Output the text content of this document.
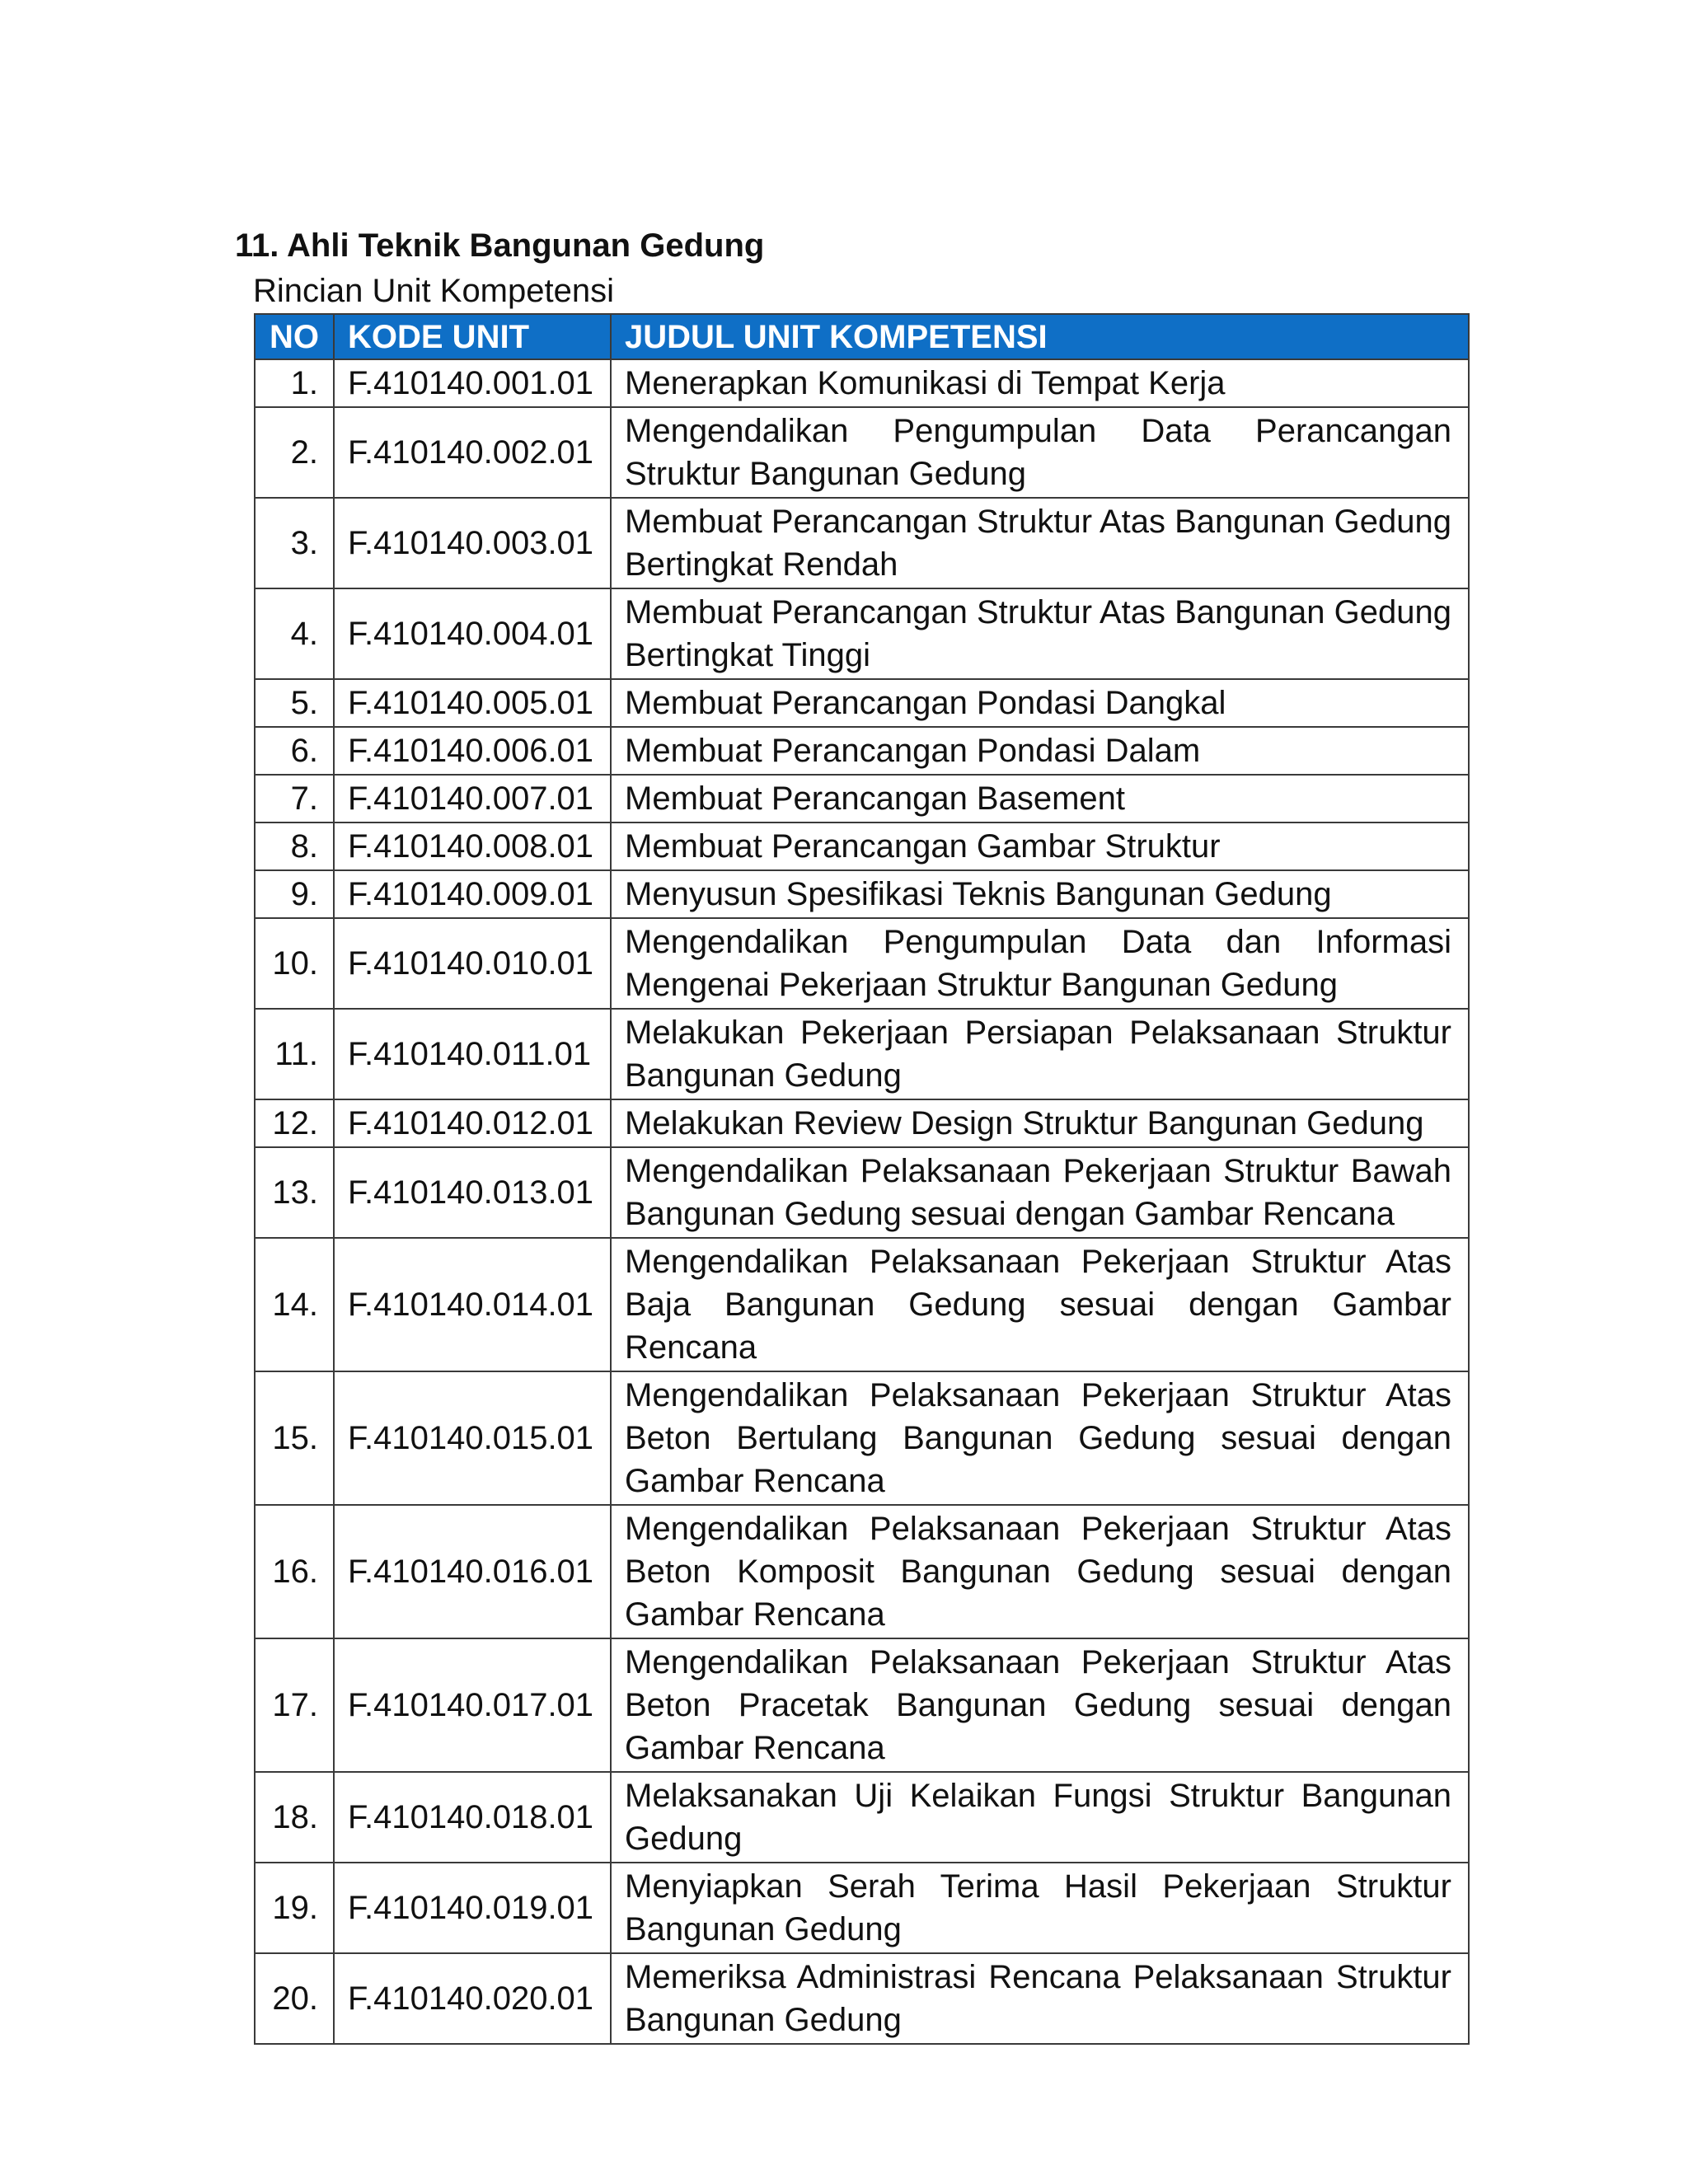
11. Ahli Teknik Bangunan Gedung
Rincian Unit Kompetensi
NO	KODE UNIT	JUDUL UNIT KOMPETENSI
1.	F.410140.001.01	Menerapkan Komunikasi di Tempat Kerja
2.	F.410140.002.01	Mengendalikan Pengumpulan Data Perancangan Struktur Bangunan Gedung
3.	F.410140.003.01	Membuat Perancangan Struktur Atas Bangunan Gedung Bertingkat Rendah
4.	F.410140.004.01	Membuat Perancangan Struktur Atas Bangunan Gedung Bertingkat Tinggi
5.	F.410140.005.01	Membuat Perancangan Pondasi Dangkal
6.	F.410140.006.01	Membuat Perancangan Pondasi Dalam
7.	F.410140.007.01	Membuat Perancangan Basement
8.	F.410140.008.01	Membuat Perancangan Gambar Struktur
9.	F.410140.009.01	Menyusun Spesifikasi Teknis Bangunan Gedung
10.	F.410140.010.01	Mengendalikan Pengumpulan Data dan Informasi Mengenai Pekerjaan Struktur Bangunan Gedung
11.	F.410140.011.01	Melakukan Pekerjaan Persiapan Pelaksanaan Struktur Bangunan Gedung
12.	F.410140.012.01	Melakukan Review Design Struktur Bangunan Gedung
13.	F.410140.013.01	Mengendalikan Pelaksanaan Pekerjaan Struktur Bawah Bangunan Gedung sesuai dengan Gambar Rencana
14.	F.410140.014.01	Mengendalikan Pelaksanaan Pekerjaan Struktur Atas Baja Bangunan Gedung sesuai dengan Gambar Rencana
15.	F.410140.015.01	Mengendalikan Pelaksanaan Pekerjaan Struktur Atas Beton Bertulang Bangunan Gedung sesuai dengan Gambar Rencana
16.	F.410140.016.01	Mengendalikan Pelaksanaan Pekerjaan Struktur Atas Beton Komposit Bangunan Gedung sesuai dengan Gambar Rencana
17.	F.410140.017.01	Mengendalikan Pelaksanaan Pekerjaan Struktur Atas Beton Pracetak Bangunan Gedung sesuai dengan Gambar Rencana
18.	F.410140.018.01	Melaksanakan Uji Kelaikan Fungsi Struktur Bangunan Gedung
19.	F.410140.019.01	Menyiapkan Serah Terima Hasil Pekerjaan Struktur Bangunan Gedung
20.	F.410140.020.01	Memeriksa Administrasi Rencana Pelaksanaan Struktur Bangunan Gedung
